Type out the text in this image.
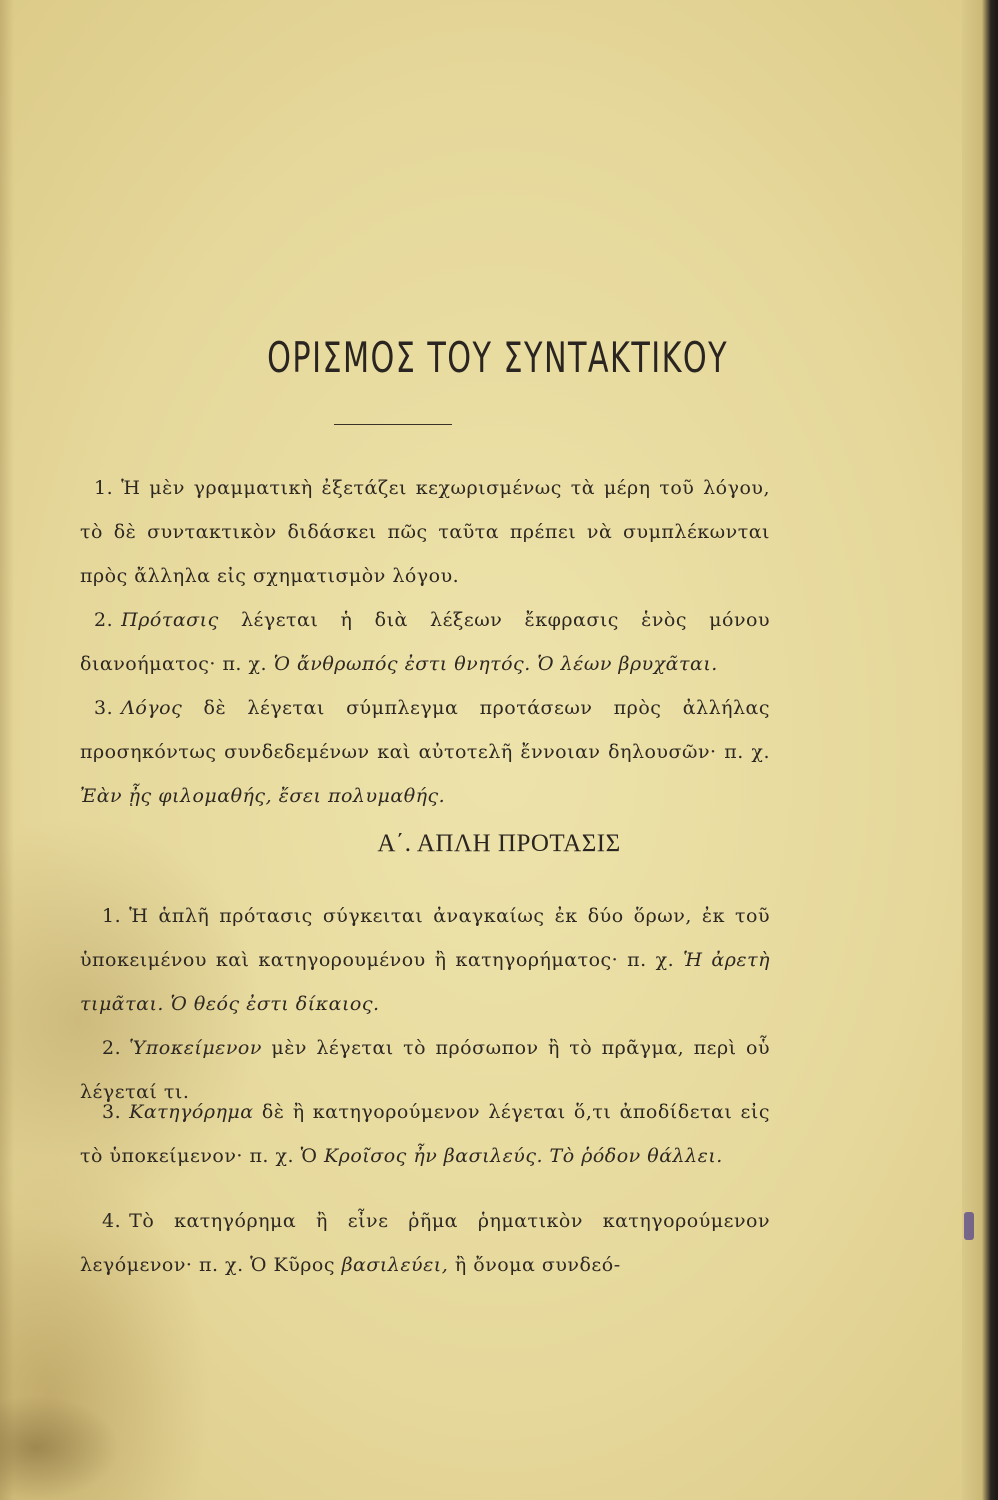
ΟΡΙΣΜΟΣ ΤΟΥ ΣΥΝΤΑΚΤΙΚΟΥ
1. Ἡ μὲν γραμματικὴ ἐξετάζει κεχωρισμένως τὰ μέρη τοῦ λόγου, τὸ δὲ συντακτικὸν διδάσκει πῶς ταῦτα πρέπει νὰ συμπλέκωνται πρὸς ἄλληλα εἰς σχηματισμὸν λόγου.
2. Πρότασις λέγεται ἡ διὰ λέξεων ἔκφρασις ἑνὸς μόνου διανοήματος· π. χ. Ὁ ἄνθρωπός ἐστι θνητός. Ὁ λέων βρυχᾶται.
3. Λόγος δὲ λέγεται σύμπλεγμα προτάσεων πρὸς ἀλλήλας προσηκόντως συνδεδεμένων καὶ αὐτοτελῆ ἔννοιαν δηλουσῶν· π. χ. Ἐὰν ᾖς φιλομαθής, ἔσει πολυμαθής.
Α΄. ΑΠΛΗ ΠΡΟΤΑΣΙΣ
1. Ἡ ἁπλῆ πρότασις σύγκειται ἀναγκαίως ἐκ δύο ὅρων, ἐκ τοῦ ὑποκειμένου καὶ κατηγορουμένου ἢ κατηγορήματος· π. χ. Ἡ ἀρετὴ τιμᾶται. Ὁ θεός ἐστι δίκαιος.
2. Ὑποκείμενον μὲν λέγεται τὸ πρόσωπον ἢ τὸ πρᾶγμα, περὶ οὗ λέγεταί τι.
3. Κατηγόρημα δὲ ἢ κατηγορούμενον λέγεται ὅ,τι ἀποδίδεται εἰς τὸ ὑποκείμενον· π. χ. Ὁ Κροῖσος ἦν βασιλεύς. Τὸ ῥόδον θάλλει.
4. Τὸ κατηγόρημα ἢ εἶνε ῥῆμα ῥηματικὸν κατηγορούμενον λεγόμενον· π. χ. Ὁ Κῦρος βασιλεύει, ἢ ὄνομα συνδεό-
